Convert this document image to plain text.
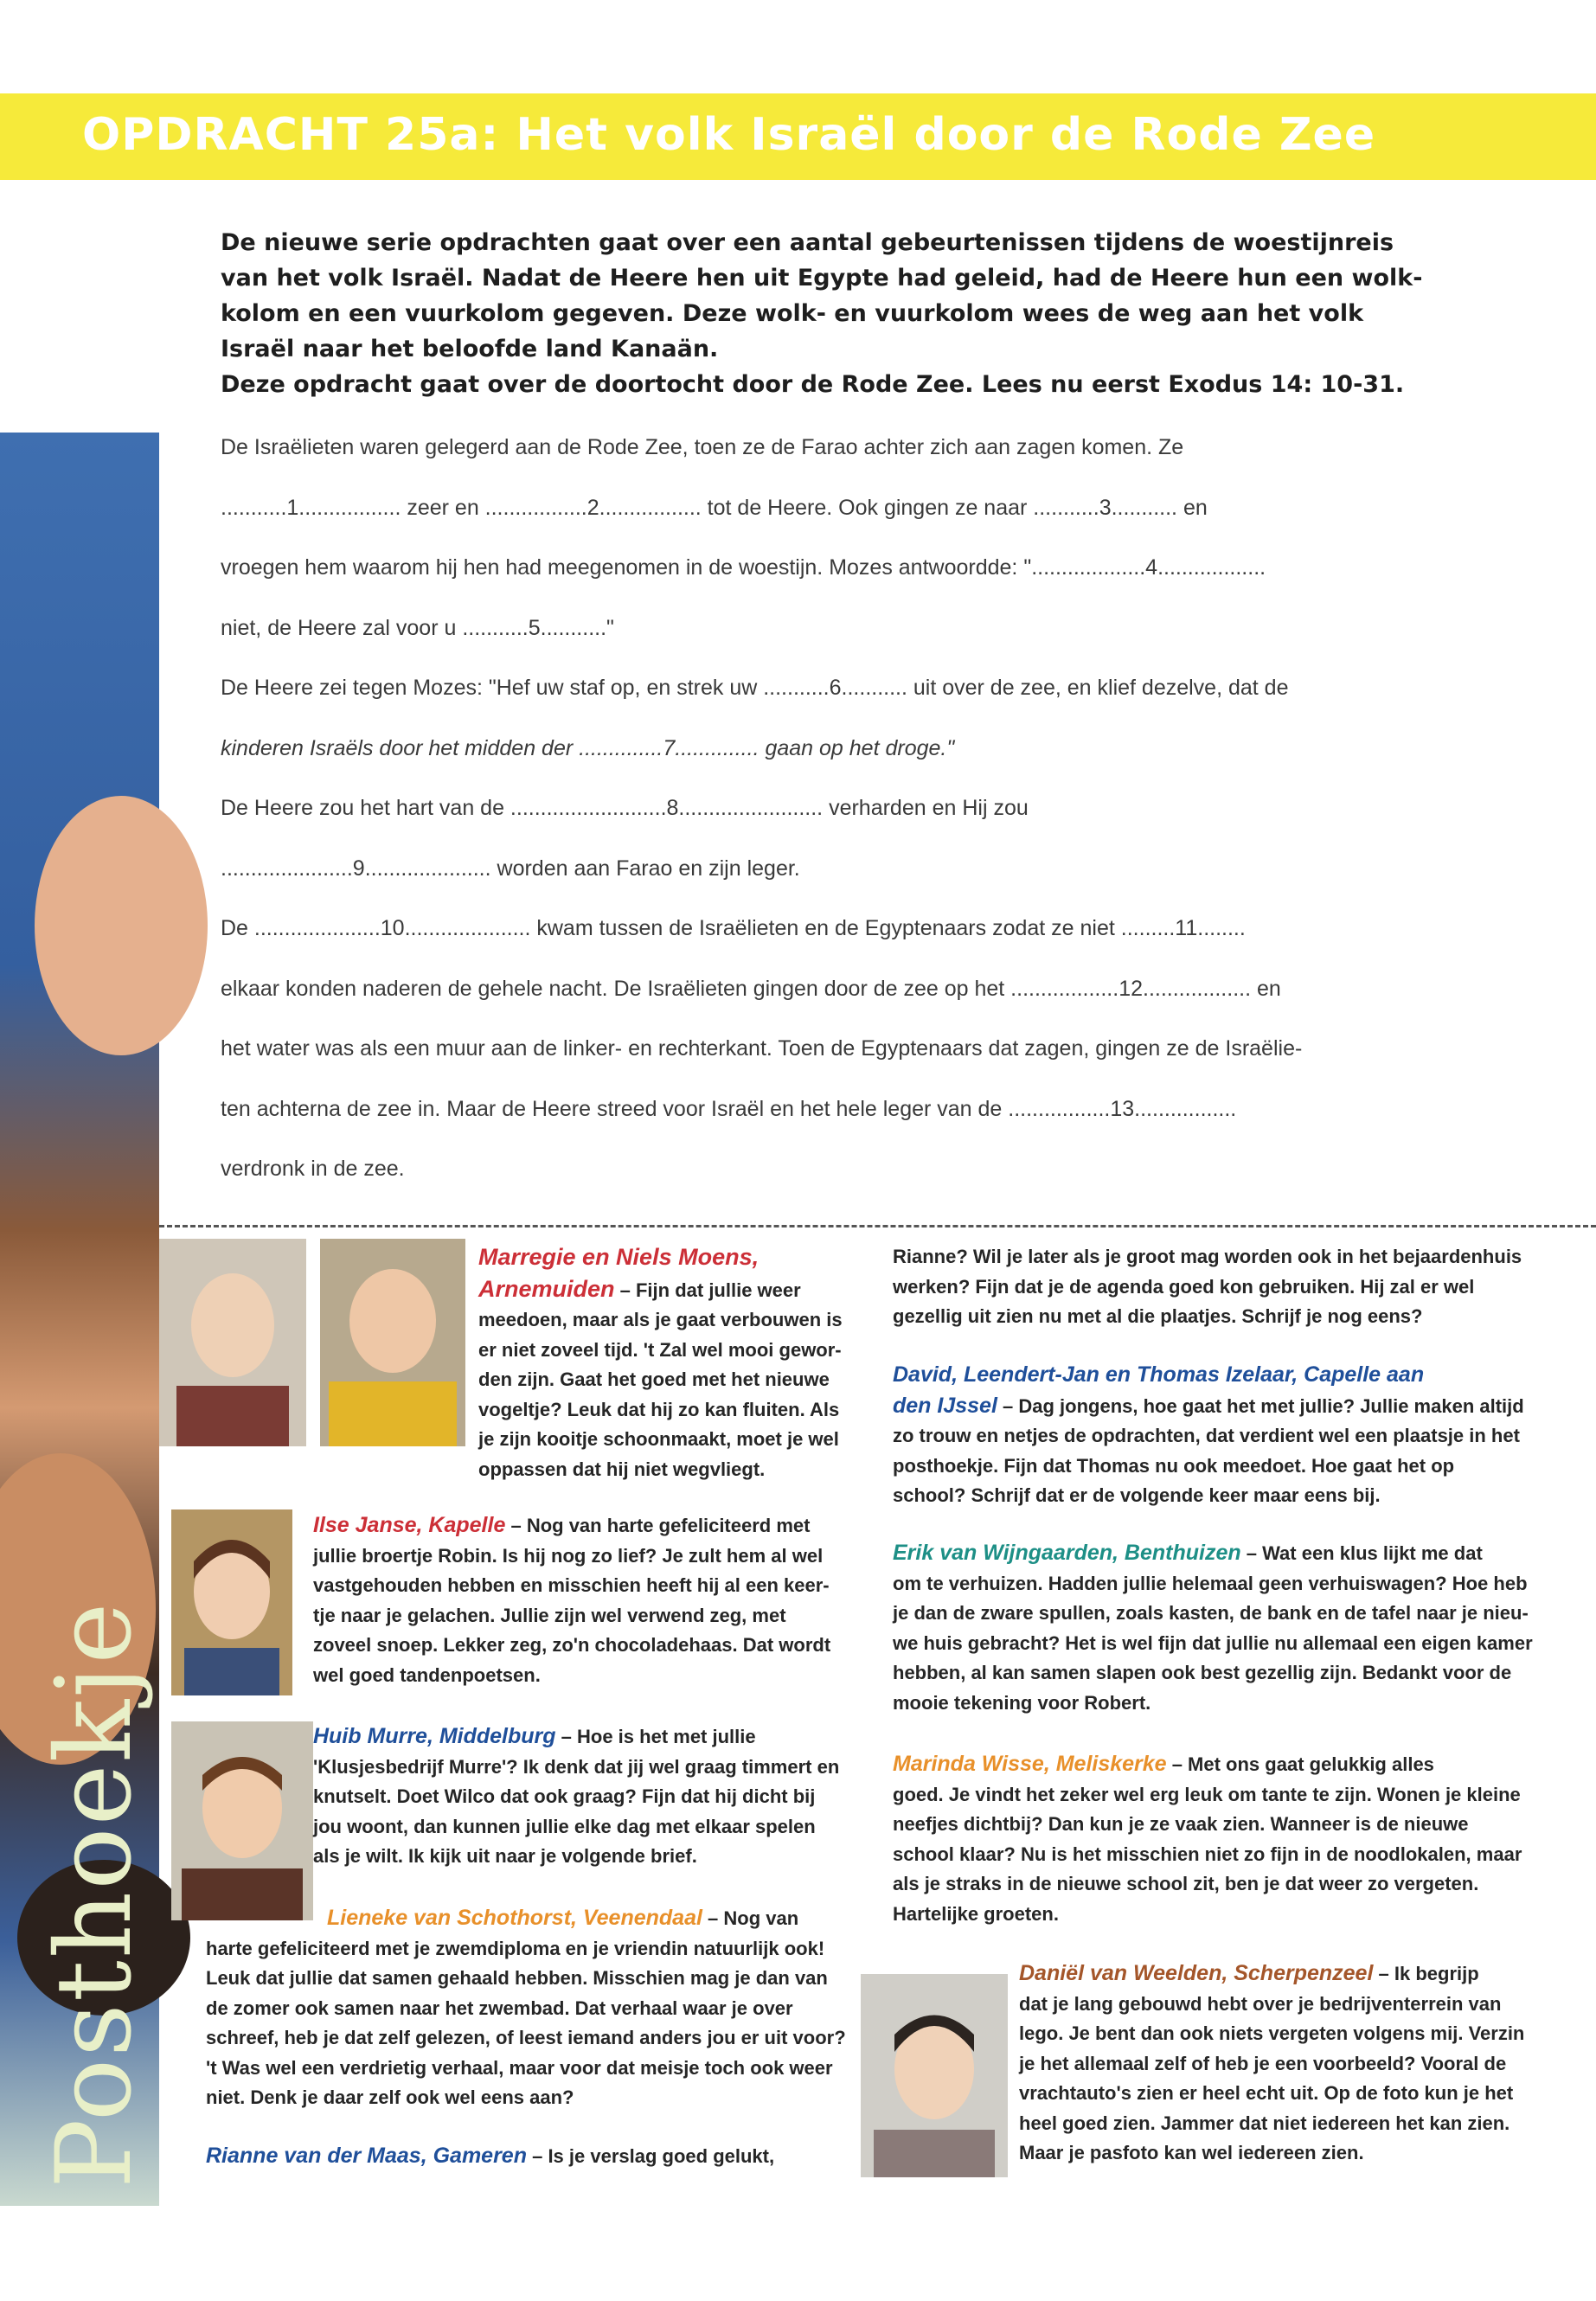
OPDRACHT 25a: Het volk Israël door de Rode Zee

De nieuwe serie opdrachten gaat over een aantal gebeurtenissen tijdens de woestijnreis

van het volk Israël. Nadat de Heere hen uit Egypte had geleid, had de Heere hun een wolk-

kolom en een vuurkolom gegeven. Deze wolk- en vuurkolom wees de weg aan het volk

Israël naar het beloofde land Kanaän.

Deze opdracht gaat over de doortocht door de Rode Zee. Lees nu eerst Exodus 14: 10-31.

De Israëlieten waren gelegerd aan de Rode Zee, toen ze de Farao achter zich aan zagen komen. Ze
...........1................. zeer en .................2................. tot de Heere. Ook gingen ze naar ...........3........... en
vroegen hem waarom hij hen had meegenomen in de woestijn. Mozes antwoordde: "...................4..................
niet, de Heere zal voor u ...........5..........."
De Heere zei tegen Mozes: "Hef uw staf op, en strek uw ...........6........... uit over de zee, en klief dezelve, dat de
kinderen Israëls door het midden der ..............7.............. gaan op het droge."
De Heere zou het hart van de ..........................8........................ verharden en Hij zou
......................9..................... worden aan Farao en zijn leger.
De .....................10..................... kwam tussen de Israëlieten en de Egyptenaars zodat ze niet .........11........
elkaar konden naderen de gehele nacht. De Israëlieten gingen door de zee op het ..................12.................. en
het water was als een muur aan de linker- en rechterkant. Toen de Egyptenaars dat zagen, gingen ze de Israëlie-
ten achterna de zee in. Maar de Heere streed voor Israël en het hele leger van de .................13.................
verdronk in de zee.
Posthoekje
Marregie en Niels Moens,
Arnemuiden – Fijn dat jullie weer
meedoen, maar als je gaat verbouwen is
er niet zoveel tijd. 't Zal wel mooi gewor-
den zijn. Gaat het goed met het nieuwe
vogeltje? Leuk dat hij zo kan fluiten. Als
je zijn kooitje schoonmaakt, moet je wel
oppassen dat hij niet wegvliegt.
Ilse Janse, Kapelle – Nog van harte gefeliciteerd met
jullie broertje Robin. Is hij nog zo lief? Je zult hem al wel
vastgehouden hebben en misschien heeft hij al een keer-
tje naar je gelachen. Jullie zijn wel verwend zeg, met
zoveel snoep. Lekker zeg, zo'n chocoladehaas. Dat wordt
wel goed tandenpoetsen.
Huib Murre, Middelburg – Hoe is het met jullie
'Klusjesbedrijf Murre'? Ik denk dat jij wel graag timmert en
knutselt. Doet Wilco dat ook graag? Fijn dat hij dicht bij
jou woont, dan kunnen jullie elke dag met elkaar spelen
als je wilt. Ik kijk uit naar je volgende brief.
Lieneke van Schothorst, Veenendaal – Nog van
harte gefeliciteerd met je zwemdiploma en je vriendin natuurlijk ook!
Leuk dat jullie dat samen gehaald hebben. Misschien mag je dan van
de zomer ook samen naar het zwembad. Dat verhaal waar je over
schreef, heb je dat zelf gelezen, of leest iemand anders jou er uit voor?
't Was wel een verdrietig verhaal, maar voor dat meisje toch ook weer
niet. Denk je daar zelf ook wel eens aan?
Rianne van der Maas, Gameren – Is je verslag goed gelukt,
Rianne? Wil je later als je groot mag worden ook in het bejaardenhuis
werken? Fijn dat je de agenda goed kon gebruiken. Hij zal er wel
gezellig uit zien nu met al die plaatjes. Schrijf je nog eens?
David, Leendert-Jan en Thomas Izelaar, Capelle aan
den IJssel – Dag jongens, hoe gaat het met jullie? Jullie maken altijd
zo trouw en netjes de opdrachten, dat verdient wel een plaatsje in het
posthoekje. Fijn dat Thomas nu ook meedoet. Hoe gaat het op
school? Schrijf dat er de volgende keer maar eens bij.
Erik van Wijngaarden, Benthuizen – Wat een klus lijkt me dat
om te verhuizen. Hadden jullie helemaal geen verhuiswagen? Hoe heb
je dan de zware spullen, zoals kasten, de bank en de tafel naar je nieu-
we huis gebracht? Het is wel fijn dat jullie nu allemaal een eigen kamer
hebben, al kan samen slapen ook best gezellig zijn. Bedankt voor de
mooie tekening voor Robert.
Marinda Wisse, Meliskerke – Met ons gaat gelukkig alles
goed. Je vindt het zeker wel erg leuk om tante te zijn. Wonen je kleine
neefjes dichtbij? Dan kun je ze vaak zien. Wanneer is de nieuwe
school klaar? Nu is het misschien niet zo fijn in de noodlokalen, maar
als je straks in de nieuwe school zit, ben je dat weer zo vergeten.
Hartelijke groeten.
Daniël van Weelden, Scherpenzeel – Ik begrijp
dat je lang gebouwd hebt over je bedrijventerrein van
lego. Je bent dan ook niets vergeten volgens mij. Verzin
je het allemaal zelf of heb je een voorbeeld? Vooral de
vrachtauto's zien er heel echt uit. Op de foto kun je het
heel goed zien. Jammer dat niet iedereen het kan zien.
Maar je pasfoto kan wel iedereen zien.
